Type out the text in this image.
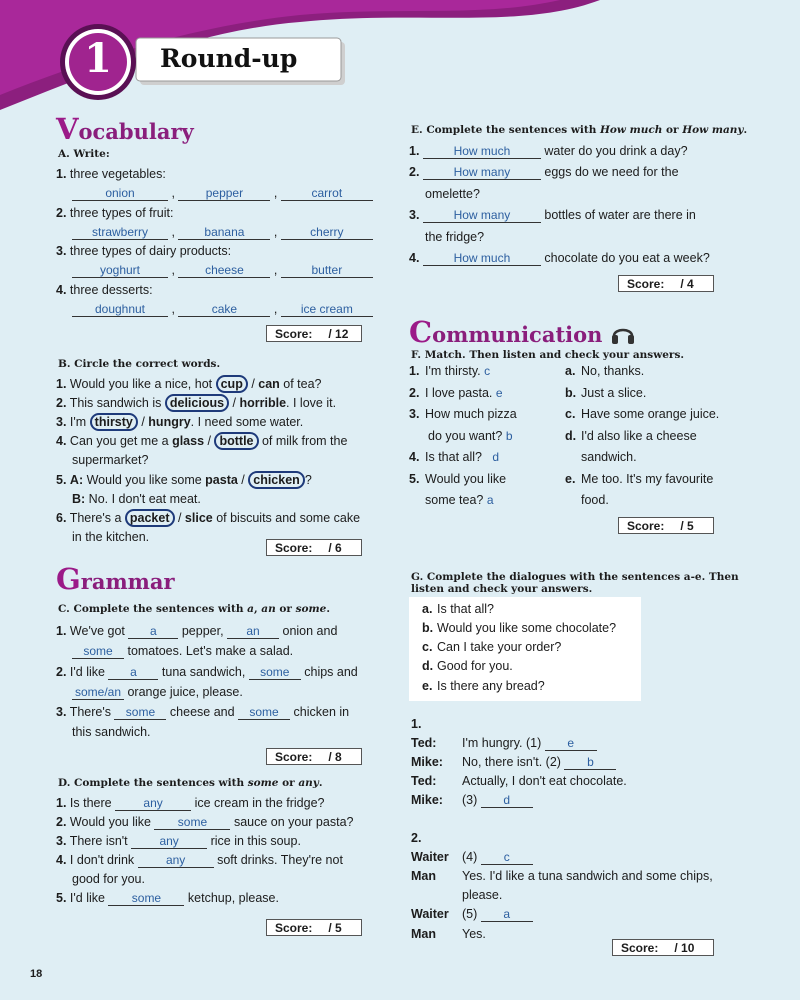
1 Round-up
Vocabulary
A. Write:
1. three vegetables:
onion	, pepper ,	carrot
2. three types of fruit:
strawberry , banana , cherry
3. three types of dairy products:
yoghurt , cheese ,	butter
4. three desserts:
doughnut ,	cake	, ice cream
Score: / 12
B. Circle the correct words.
1. Would you like a nice, hot cup / can of tea?
2. This sandwich is delicious / horrible. I love it.
3. I'm thirsty / hungry. I need some water.
4. Can you get me a glass / bottle of milk from the
supermarket?
5. A: Would you like some pasta / chicken ?
B: No. I don't eat meat.
6. There's a packet / slice of biscuits and some cake
in the kitchen.
Score: / 6
Grammar
C. Complete the sentences with a, an or some.
1. We've got a pepper, an onion and
some tomatoes. Let's make a salad.
2. I'd like a tuna sandwich, some chips and
some/an orange juice, please.
3. There's some cheese and some chicken in
this sandwich.
Score: / 8
D. Complete the sentences with some or any.
1. Is there any ice cream in the fridge?
2. Would you like some sauce on your pasta?
3. There isn't any rice in this soup.
4. I don't drink any soft drinks. They're not
good for you.
5. I'd like some ketchup, please.
Score: / 5
18
E. Complete the sentences with How much or How many.
1.	How much water do you drink a day?
2.	How many eggs do we need for the
omelette?
3.	How many bottles of water are there in
the fridge?
4.	How much chocolate do you eat a week?
Score: / 4
Communication
F. Match. Then listen and check your answers.
1. I'm thirsty. c
2. I love pasta. e
3. How much pizza
do you want? b
4. Is that all? d
5. Would you like
some tea? a
a. No, thanks.
b. Just a slice.
c. Have some orange juice.
d. I'd also like a cheese
sandwich.
e. Me too. It's my favourite
food.
Score: / 5
G. Complete the dialogues with the sentences a-e. Then
listen and check your answers.
a. Is that all?
b. Would you like some chocolate?
c. Can I take your order?
d. Good for you.
e. Is there any bread?
1.
Ted: I'm hungry. (1) e
Mike: No, there isn't. (2) b
Ted: Actually, I don't eat chocolate.
Mike: (3) d
2.
Waiter (4) c
Man Yes. I'd like a tuna sandwich and some chips,
please.
Waiter (5) a
Man Yes.
Score: / 10
